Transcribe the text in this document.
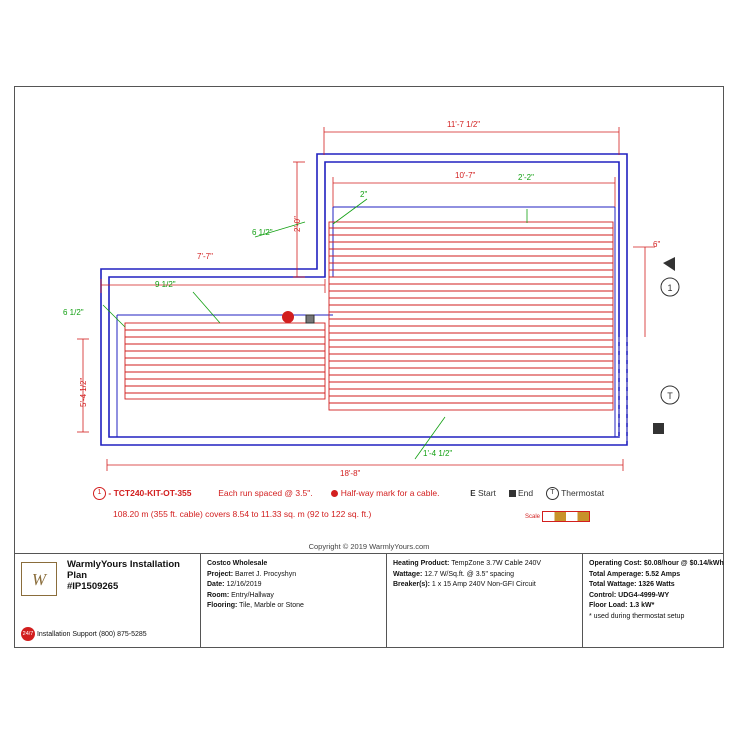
1
T
11'-7 1/2"
10'-7"
2'-0"
2'-2"
2"
6 1/2"
7'-7"
9 1/2"
6 1/2"
5'-4 1/2"
6"
18'-8"
1'-4 1/2"
1 - TCT240-KIT-OT-355	Each run spaced @ 3.5".	Half-way mark for a cable.	E Start	End T Thermostat
108.20 m (355 ft. cable) covers 8.54 to 11.33 sq. m (92 to 122 sq. ft.)	Scale
Copyright © 2019 WarmlyYours.com
W
WarmlyYours Installation Plan
#IP1509265
24/7 Installation Support (800) 875-5285
Costco Wholesale
Project: Barret J. Procyshyn
Date: 12/16/2019
Room: Entry/Hallway
Flooring: Tile, Marble or Stone
Heating Product: TempZone 3.7W Cable 240V
Wattage: 12.7 W/Sq.ft. @ 3.5" spacing
Breaker(s): 1 x 15 Amp 240V Non-GFI Circuit
Operating Cost: $0.08/hour @ $0.14/kWh
Total Amperage: 5.52 Amps
Total Wattage: 1326 Watts
Control: UDG4-4999-WY
Floor Load: 1.3 kW*
* used during thermostat setup
